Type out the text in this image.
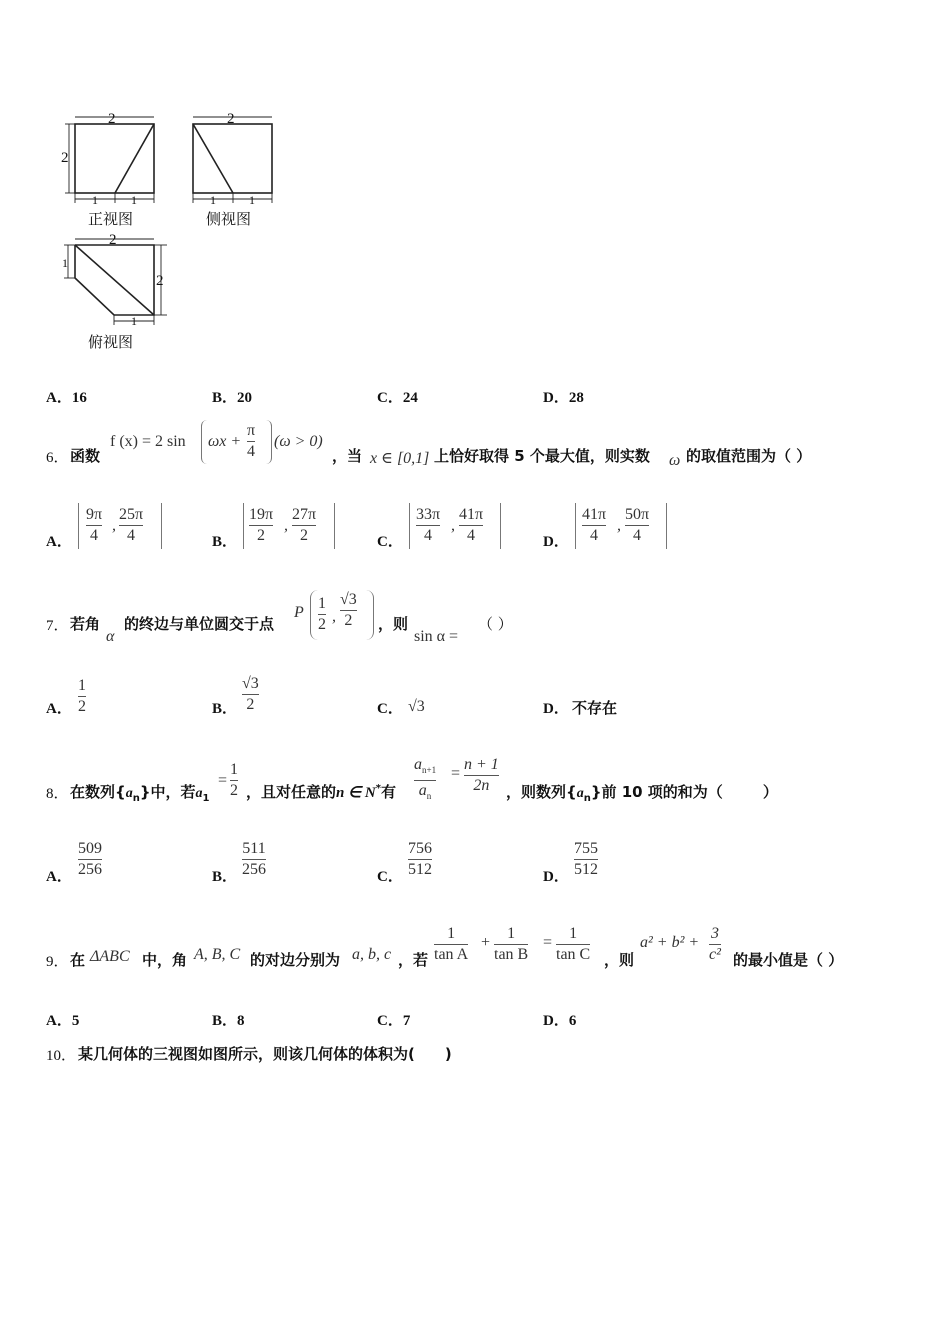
2
2
1	1
2
1	1
2
2
1
1
正视图	侧视图
俯视图
A．16	B．20	C．24	D．28
6． 函数
f (x) = 2 sin ωx +
π
4
(ω > 0)
，当 x ∈ [0,1] 上恰好取得 5 个最大值，则实数 ω 的取值范围为（ ）
A．
9π
4
,
25π
4	B．
19π
2
,
27π
2	C．
33π
4
,
41π
4	D．
41π
4
,
50π
4
7． 若角
α
的终边与单位圆交于点
P
1
2 ,
√3
2 ，则
sin α =
（ ）
A．
1
2	B．
√3
2	C． √3	D． 不存在
8． 在数列$\{a_n\}$中，若$a_1$
=
1
2 ，且对任意的n ∈ N*有
$a_{n+1}$
$a_n$
=
n + 1
2n ，则数列$\{a_n\}$前 10 项的和为（	）
A．
509
256	B．
511
256	C．
756
512	D．
755
512
9． 在 ΔABC 中，角 A, B, C 的对边分别为 a, b, c ，若
1
tan A
+
1
tan B
=
1
tan C ，则
a² + b² +
3
c² 的最小值是（ ）
A．5	B．8	C．7	D．6
10． 某几何体的三视图如图所示，则该几何体的体积为(　　)
